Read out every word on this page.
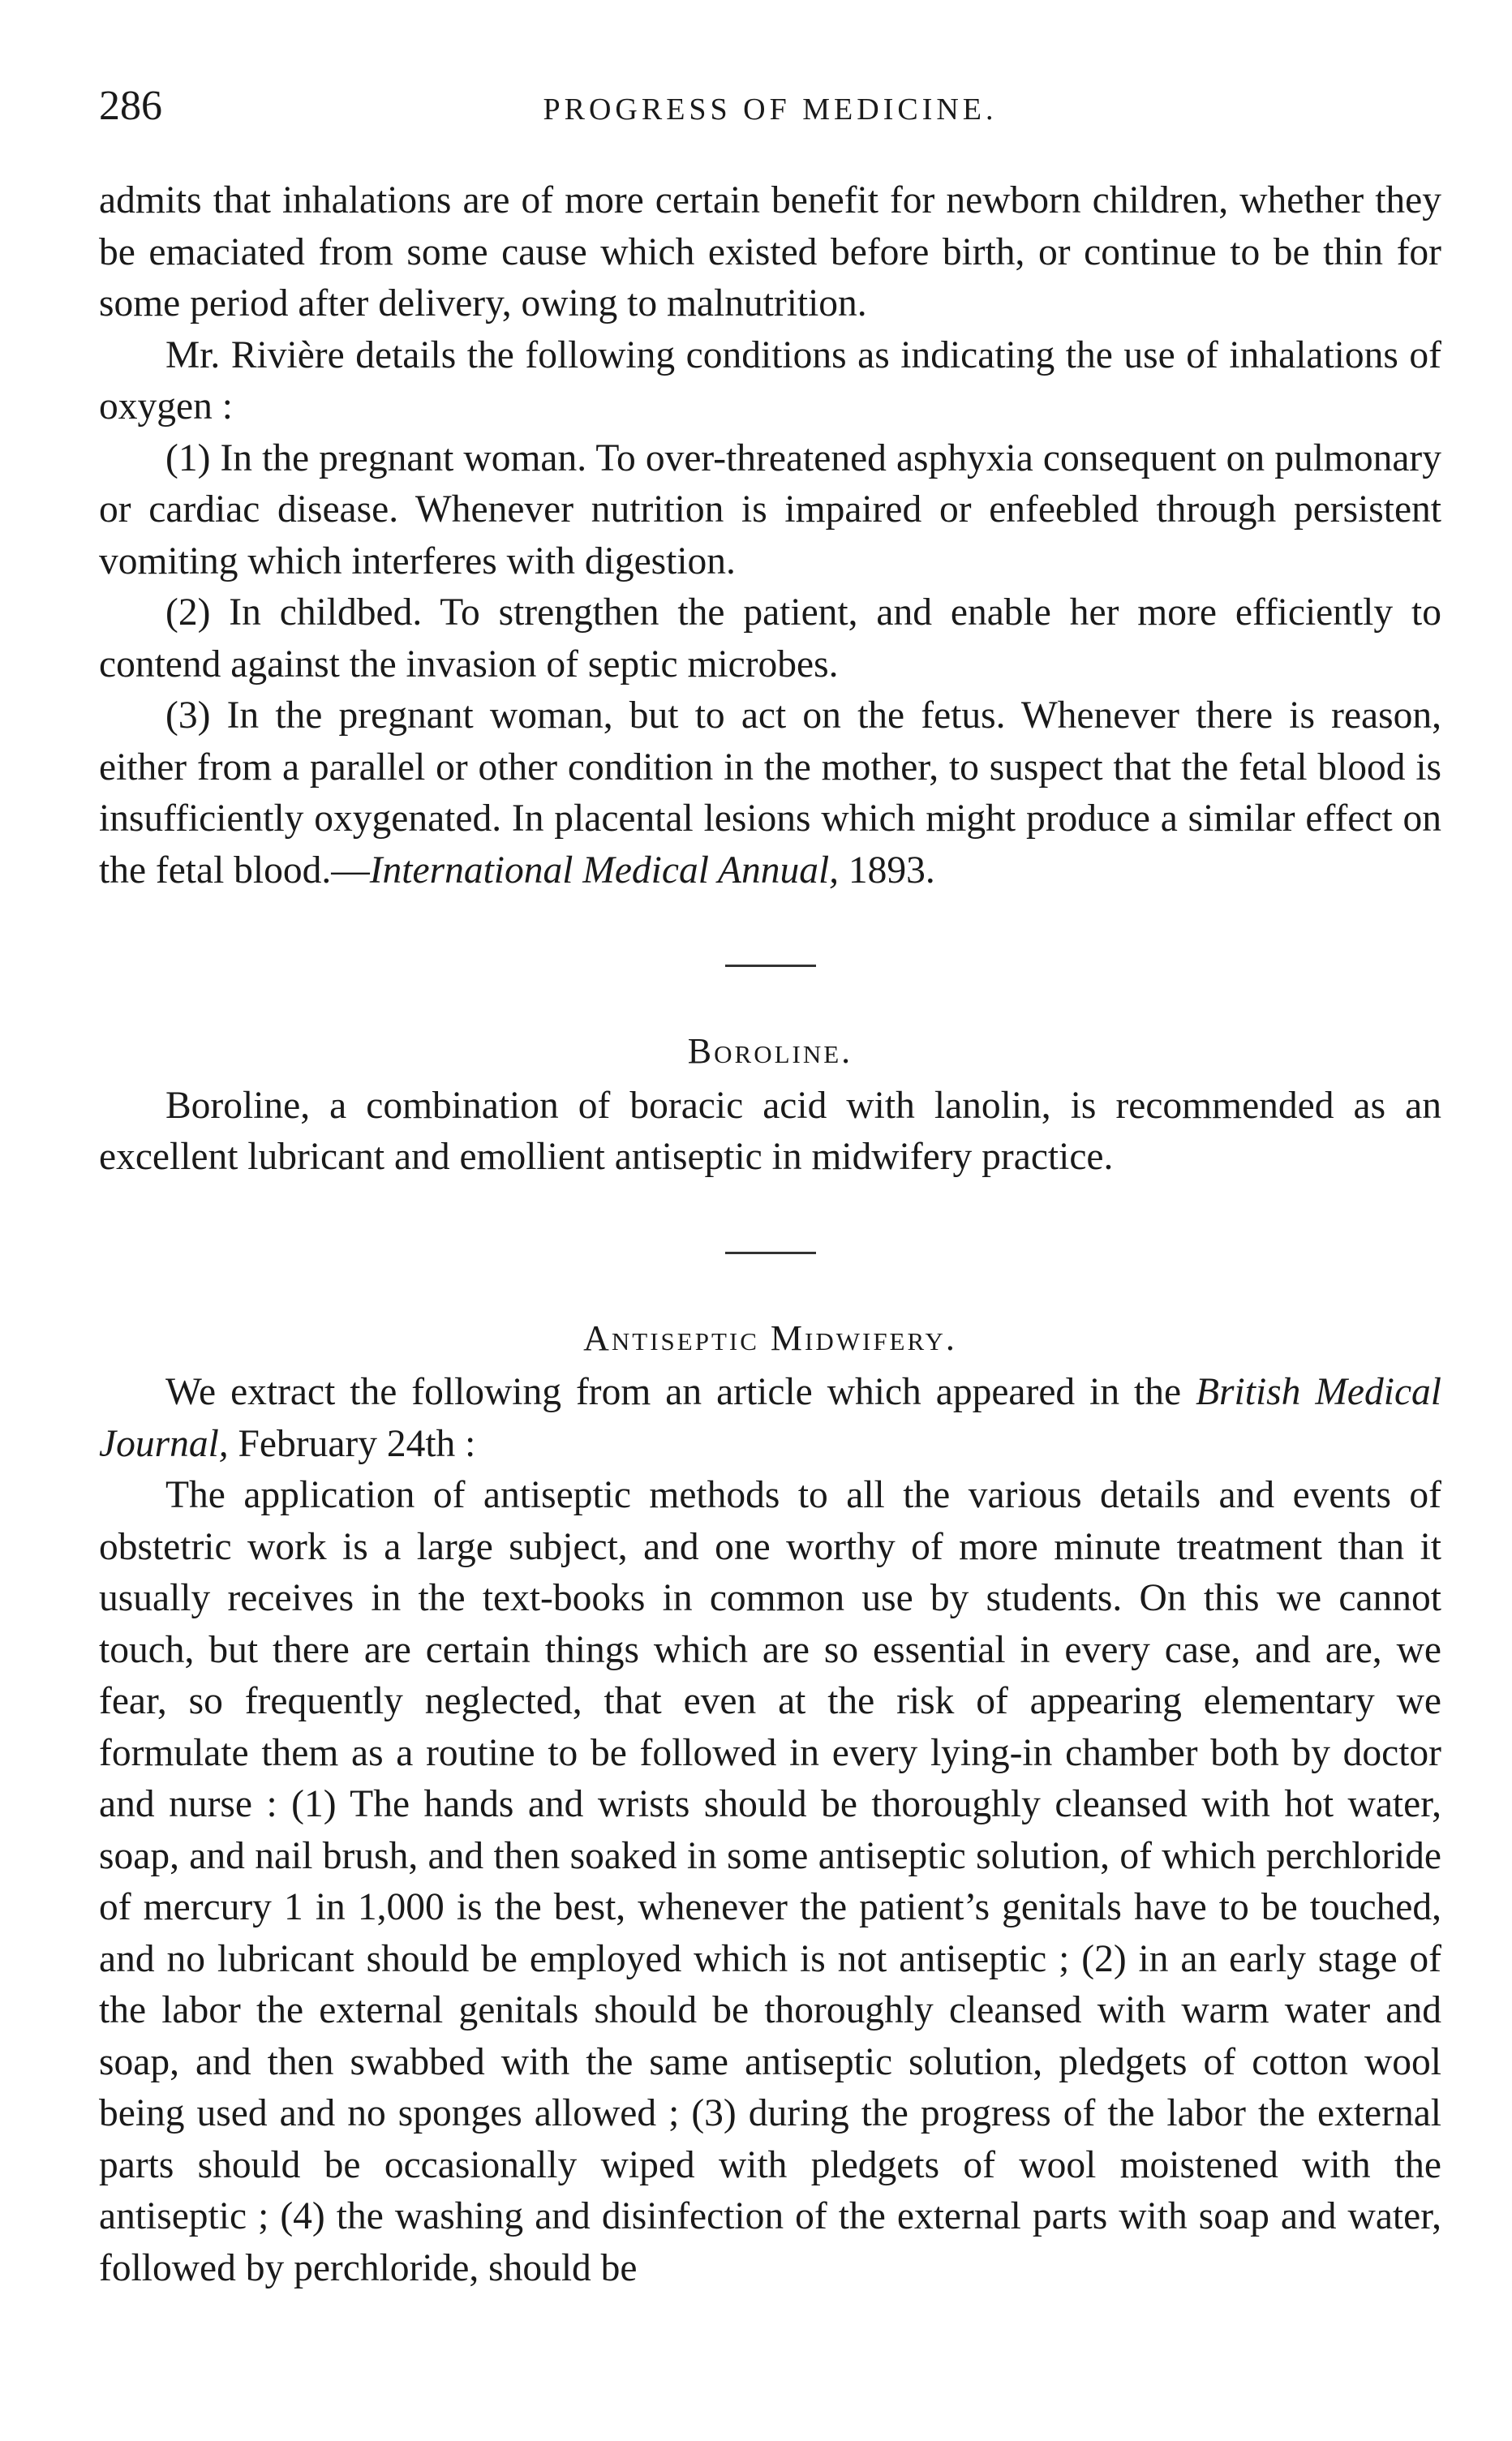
286	PROGRESS OF MEDICINE.

admits that inhalations are of more certain benefit for newborn children, whether they be emaciated from some cause which existed before birth, or continue to be thin for some period after delivery, owing to malnutrition.

Mr. Rivière details the following conditions as indicating the use of inhalations of oxygen :

(1) In the pregnant woman. To over-threatened asphyxia consequent on pulmonary or cardiac disease. Whenever nutrition is impaired or enfeebled through persistent vomiting which interferes with digestion.

(2) In childbed. To strengthen the patient, and enable her more efficiently to contend against the invasion of septic microbes.

(3) In the pregnant woman, but to act on the fetus. Whenever there is reason, either from a parallel or other condition in the mother, to suspect that the fetal blood is insufficiently oxygenated. In placental lesions which might produce a similar effect on the fetal blood.—International Medical Annual, 1893.

Boroline.

Boroline, a combination of boracic acid with lanolin, is recommended as an excellent lubricant and emollient antiseptic in midwifery practice.

Antiseptic Midwifery.

We extract the following from an article which appeared in the British Medical Journal, February 24th :

The application of antiseptic methods to all the various details and events of obstetric work is a large subject, and one worthy of more minute treatment than it usually receives in the text-books in common use by students. On this we cannot touch, but there are certain things which are so essential in every case, and are, we fear, so frequently neglected, that even at the risk of appearing elementary we formulate them as a routine to be followed in every lying-in chamber both by doctor and nurse : (1) The hands and wrists should be thoroughly cleansed with hot water, soap, and nail brush, and then soaked in some antiseptic solution, of which perchloride of mercury 1 in 1,000 is the best, whenever the patient’s genitals have to be touched, and no lubricant should be employed which is not antiseptic ; (2) in an early stage of the labor the external genitals should be thoroughly cleansed with warm water and soap, and then swabbed with the same antiseptic solution, pledgets of cotton wool being used and no sponges allowed ; (3) during the progress of the labor the external parts should be occasionally wiped with pledgets of wool moistened with the antiseptic ; (4) the washing and disinfection of the external parts with soap and water, followed by perchloride, should be
